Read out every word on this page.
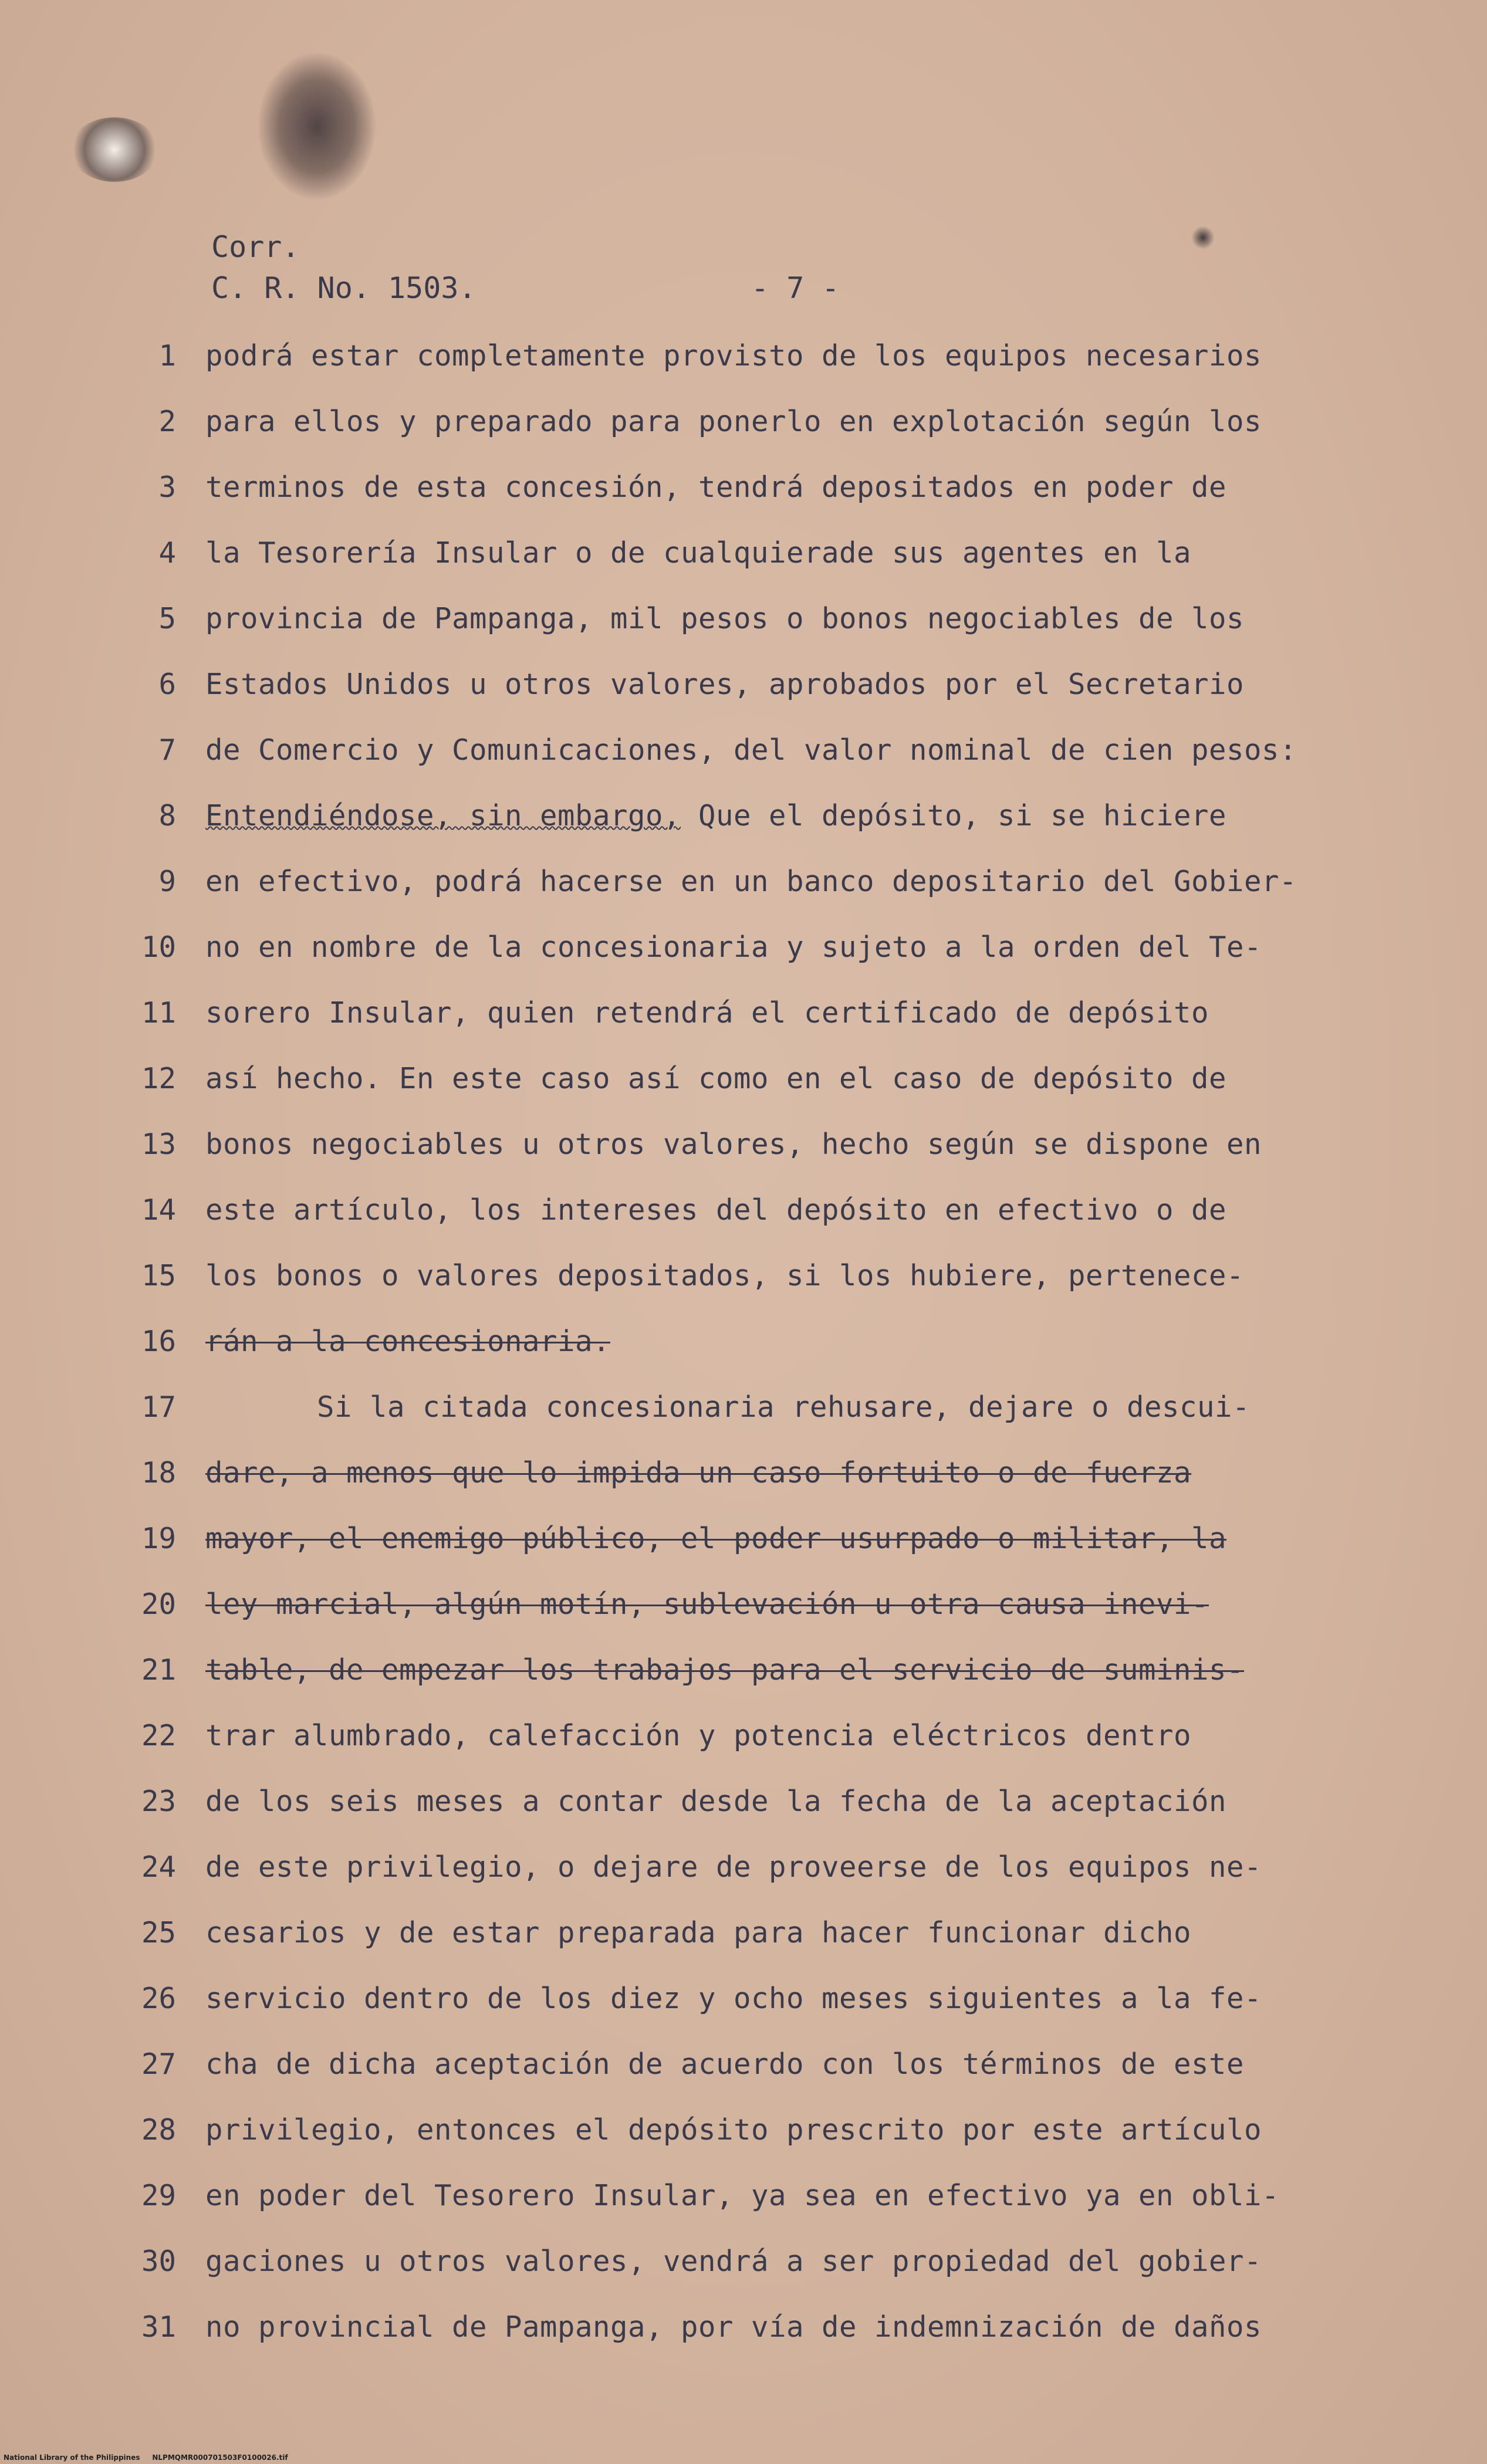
Corr.
C. R. No. 1503.	- 7 -
1 podrá estar completamente provisto de los equipos necesarios
2 para ellos y preparado para ponerlo en explotación según los
3 terminos de esta concesión, tendrá depositados en poder de
4 la Tesorería Insular o de cualquierade sus agentes en la
5 provincia de Pampanga, mil pesos o bonos negociables de los
6 Estados Unidos u otros valores, aprobados por el Secretario
7 de Comercio y Comunicaciones, del valor nominal de cien pesos:
8 Entendiéndose, sin embargo, Que el depósito, si se hiciere
9 en efectivo, podrá hacerse en un banco depositario del Gobier-
10 no en nombre de la concesionaria y sujeto a la orden del Te-
11 sorero Insular, quien retendrá el certificado de depósito
12 así hecho. En este caso así como en el caso de depósito de
13 bonos negociables u otros valores, hecho según se dispone en
14 este artículo, los intereses del depósito en efectivo o de
15 los bonos o valores depositados, si los hubiere, pertenece-
16 rán a la concesionaria.
17	Si la citada concesionaria rehusare, dejare o descui-
18 dare, a menos que lo impida un caso fortuito o de fuerza
19 mayor, el enemigo público, el poder usurpado o militar, la
20 ley marcial, algún motín, sublevación u otra causa inevi-
21 table, de empezar los trabajos para el servicio de suminis-
22 trar alumbrado, calefacción y potencia eléctricos dentro
23 de los seis meses a contar desde la fecha de la aceptación
24 de este privilegio, o dejare de proveerse de los equipos ne-
25 cesarios y de estar preparada para hacer funcionar dicho
26 servicio dentro de los diez y ocho meses siguientes a la fe-
27 cha de dicha aceptación de acuerdo con los términos de este
28 privilegio, entonces el depósito prescrito por este artículo
29 en poder del Tesorero Insular, ya sea en efectivo ya en obli-
30 gaciones u otros valores, vendrá a ser propiedad del gobier-
31 no provincial de Pampanga, por vía de indemnización de daños
National Library of the Philippines     NLPMQMR000701503F0100026.tif
